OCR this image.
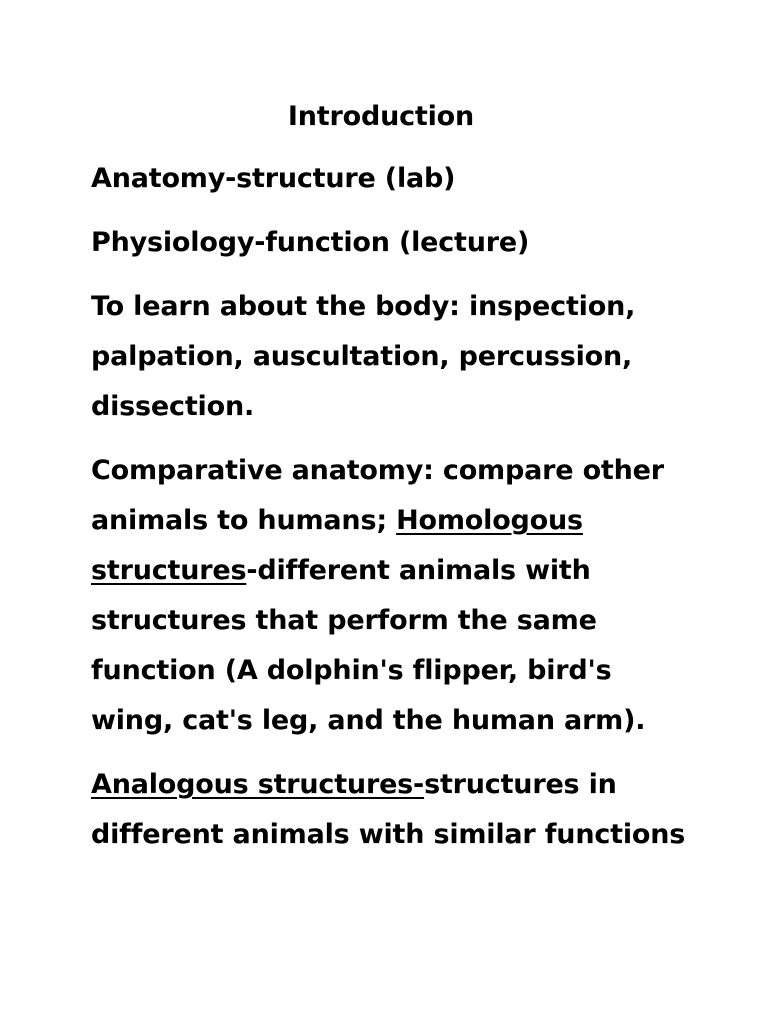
Introduction

Anatomy-structure (lab)

Physiology-function (lecture)

To learn about the body: inspection, palpation, auscultation, percussion, dissection.

Comparative anatomy: compare other animals to humans; Homologous structures-different animals with structures that perform the same function (A dolphin's flipper, bird's wing, cat's leg, and the human arm).

Analogous structures-structures in different animals with similar functions
